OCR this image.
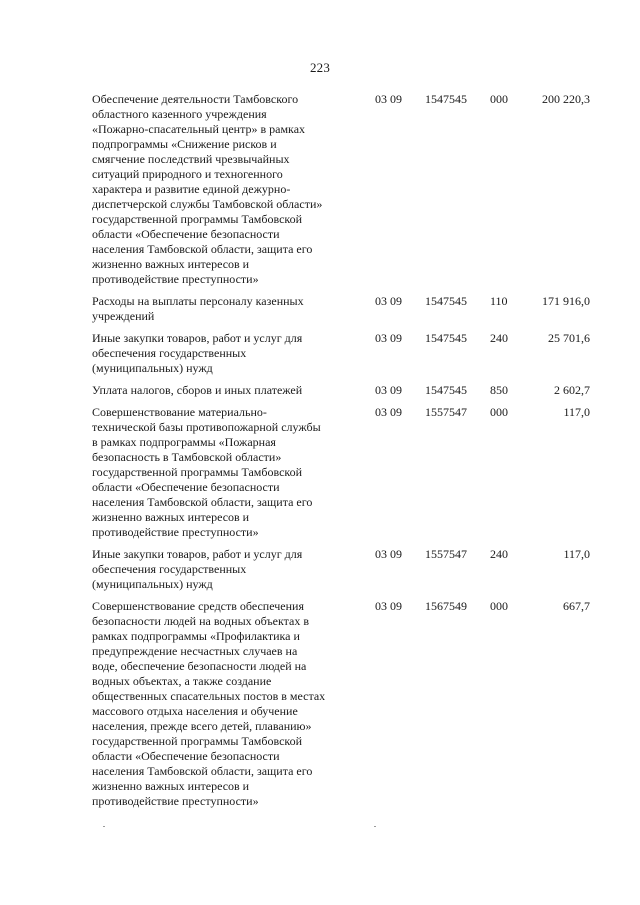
223
Обеспечение деятельности Тамбовского
областного казенного учреждения
«Пожарно-спасательный центр» в рамках
подпрограммы «Снижение рисков и
смягчение последствий чрезвычайных
ситуаций природного и техногенного
характера и развитие единой дежурно-
диспетчерской службы Тамбовской области»
государственной программы Тамбовской
области «Обеспечение безопасности
населения Тамбовской области, защита его
жизненно важных интересов и
противодействие преступности»
03 09 1547545 000	200 220,3
Расходы на выплаты персоналу казенных
учреждений
03 09 1547545 110	171 916,0
Иные закупки товаров, работ и услуг для
обеспечения государственных
(муниципальных) нужд
03 09 1547545 240	25 701,6
Уплата налогов, сборов и иных платежей	03 09 1547545 850	2 602,7
Совершенствование материально-
технической базы противопожарной службы
в рамках подпрограммы «Пожарная
безопасность в Тамбовской области»
государственной программы Тамбовской
области «Обеспечение безопасности
населения Тамбовской области, защита его
жизненно важных интересов и
противодействие преступности»
03 09 1557547 000	117,0
Иные закупки товаров, работ и услуг для
обеспечения государственных
(муниципальных) нужд
03 09 1557547 240	117,0
Совершенствование средств обеспечения
безопасности людей на водных объектах в
рамках подпрограммы «Профилактика и
предупреждение несчастных случаев на
воде, обеспечение безопасности людей на
водных объектах, а также создание
общественных спасательных постов в местах
массового отдыха населения и обучение
населения, прежде всего детей, плаванию»
государственной программы Тамбовской
области «Обеспечение безопасности
населения Тамбовской области, защита его
жизненно важных интересов и
противодействие преступности»
03 09 1567549 000	667,7
